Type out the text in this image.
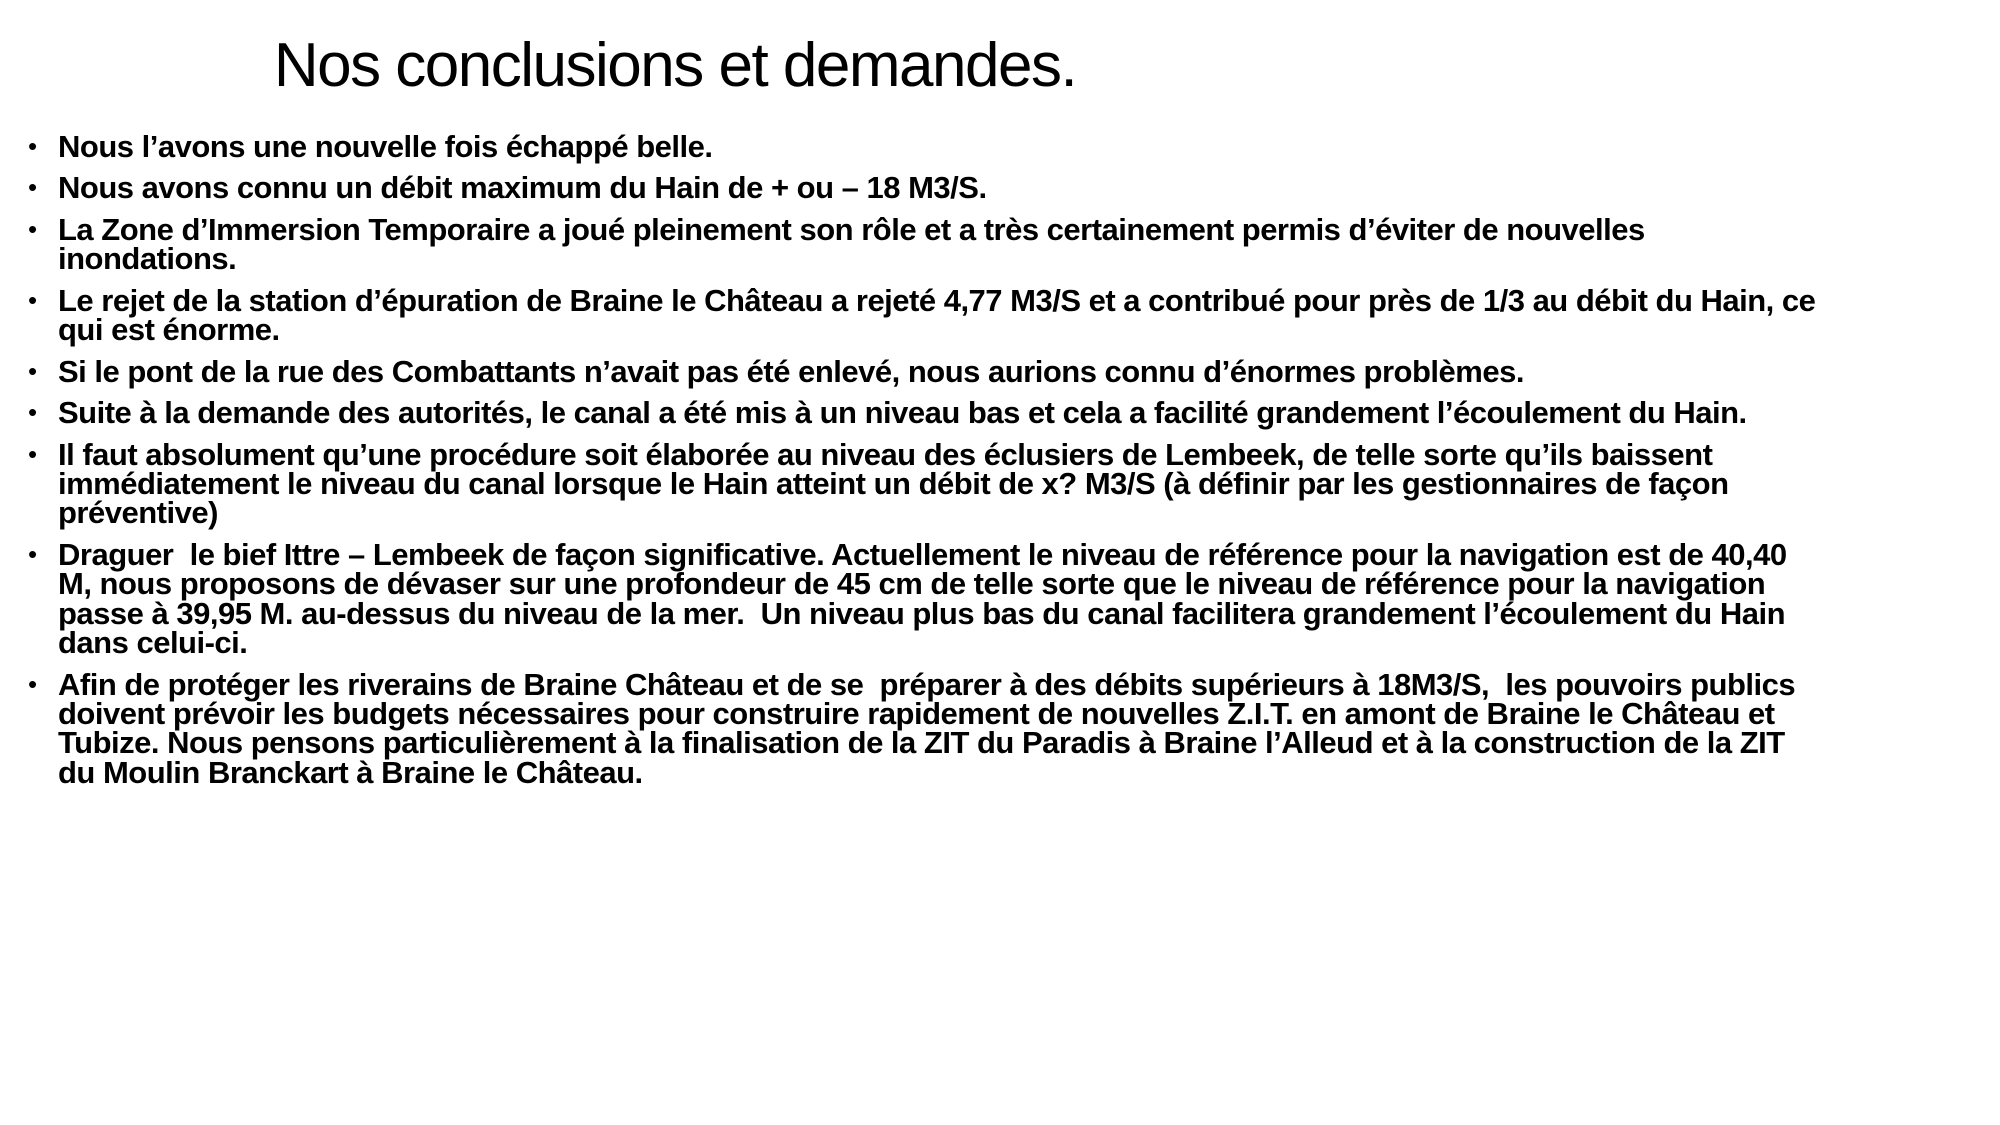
Nos conclusions et demandes.
• Nous l’avons une nouvelle fois échappé belle.
• Nous avons connu un débit maximum du Hain de + ou – 18 M3/S.
• La Zone d’Immersion Temporaire a joué pleinement son rôle et a très certainement permis d’éviter de nouvelles inondations.
• Le rejet de la station d’épuration de Braine le Château a rejeté 4,77 M3/S et a contribué pour près de 1/3 au débit du Hain, ce qui est énorme.
• Si le pont de la rue des Combattants n’avait pas été enlevé, nous aurions connu d’énormes problèmes.
• Suite à la demande des autorités, le canal a été mis à un niveau bas et cela a facilité grandement l’écoulement du Hain.
• Il faut absolument qu’une procédure soit élaborée au niveau des éclusiers de Lembeek, de telle sorte qu’ils baissent immédiatement le niveau du canal lorsque le Hain atteint un débit de x? M3/S (à définir par les gestionnaires de façon préventive)
• Draguer  le bief Ittre – Lembeek de façon significative. Actuellement le niveau de référence pour la navigation est de 40,40 M, nous proposons de dévaser sur une profondeur de 45 cm de telle sorte que le niveau de référence pour la navigation passe à 39,95 M. au-dessus du niveau de la mer.  Un niveau plus bas du canal facilitera grandement l’écoulement du Hain dans celui-ci.
• Afin de protéger les riverains de Braine Château et de se  préparer à des débits supérieurs à 18M3/S,  les pouvoirs publics doivent prévoir les budgets nécessaires pour construire rapidement de nouvelles Z.I.T. en amont de Braine le Château et Tubize. Nous pensons particulièrement à la finalisation de la ZIT du Paradis à Braine l’Alleud et à la construction de la ZIT du Moulin Branckart à Braine le Château.
